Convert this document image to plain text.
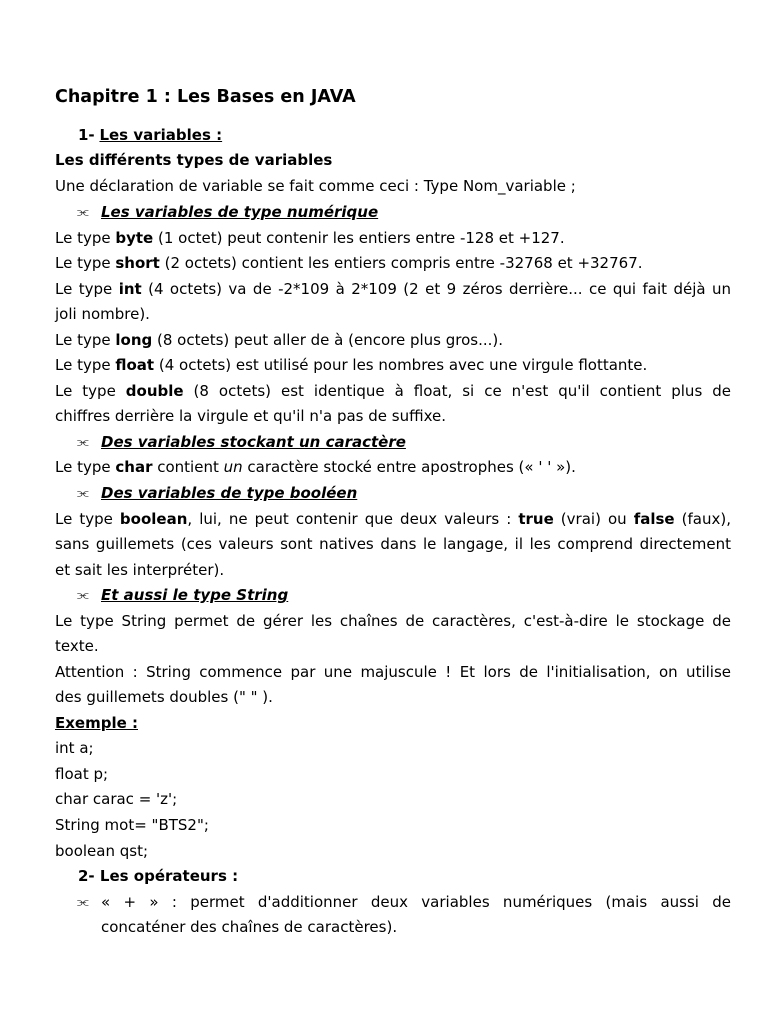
Chapitre 1 : Les Bases en JAVA
1- Les variables :
Les différents types de variables
Une déclaration de variable se fait comme ceci : Type Nom_variable ;
⫘ Les variables de type numérique
Le type byte (1 octet) peut contenir les entiers entre -128 et +127.
Le type short (2 octets) contient les entiers compris entre -32768 et +32767.
Le type int (4 octets) va de -2*109 à 2*109 (2 et 9 zéros derrière... ce qui fait déjà un
joli nombre).
Le type long (8 octets) peut aller de à (encore plus gros...).
Le type float (4 octets) est utilisé pour les nombres avec une virgule flottante.
Le type double (8 octets) est identique à float, si ce n'est qu'il contient plus de
chiffres derrière la virgule et qu'il n'a pas de suffixe.
⫘ Des variables stockant un caractère
Le type char contient un caractère stocké entre apostrophes (« ' ' »).
⫘ Des variables de type booléen
Le type boolean, lui, ne peut contenir que deux valeurs : true (vrai) ou false (faux),
sans guillemets (ces valeurs sont natives dans le langage, il les comprend directement
et sait les interpréter).
⫘ Et aussi le type String
Le type String permet de gérer les chaînes de caractères, c'est-à-dire le stockage de
texte.
Attention : String commence par une majuscule ! Et lors de l'initialisation, on utilise
des guillemets doubles (" " ).
Exemple :
int a;
float p;
char carac = 'z';
String mot= "BTS2";
boolean qst;
2- Les opérateurs :
⫘ « + » : permet d'additionner deux variables numériques (mais aussi de
concaténer des chaînes de caractères).
